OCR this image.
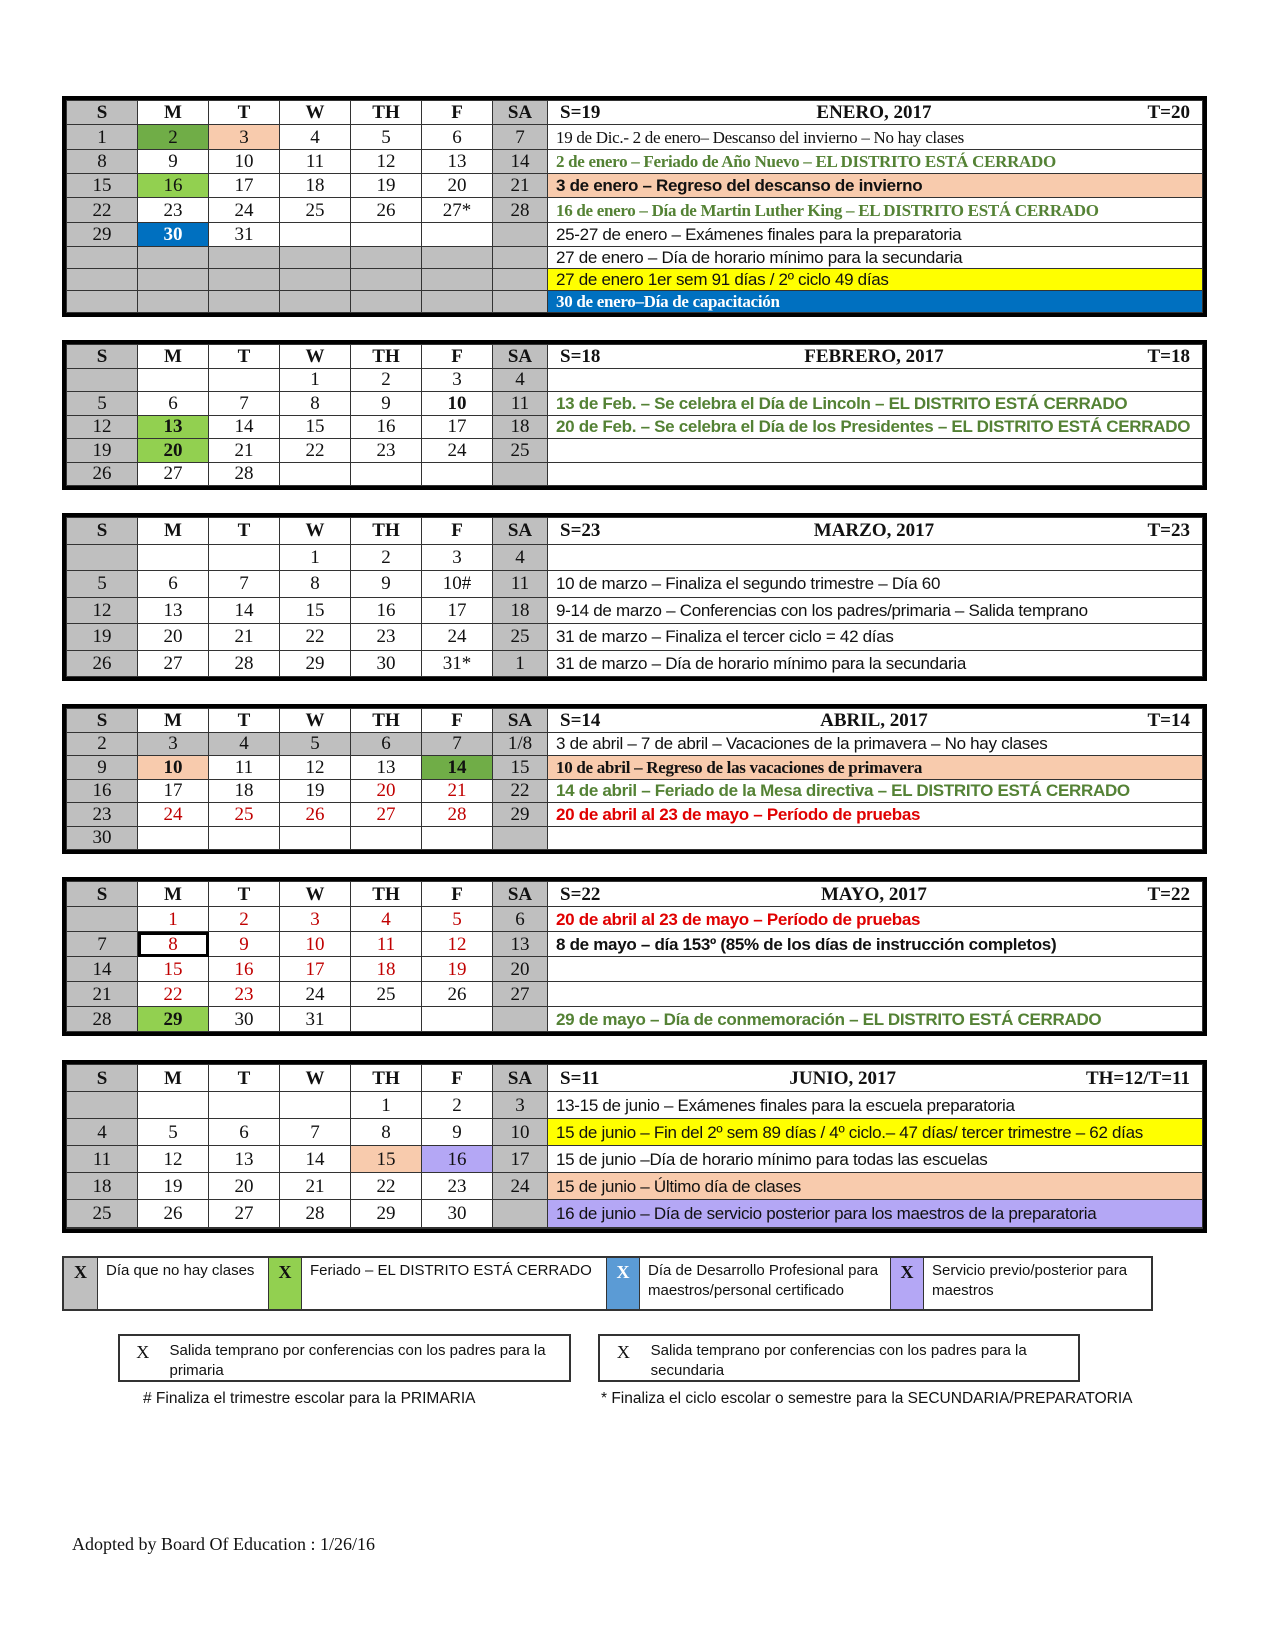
S	M	T	W	TH	F	SA	S=19 ENERO, 2017 T=20

1	2	3	4	5	6	7	19 de Dic.- 2 de enero– Descanso del invierno – No hay clases
8	9	10	11	12	13	14	2 de enero – Feriado de Año Nuevo – EL DISTRITO ESTÁ CERRADO
15	16	17	18	19	20	21	3 de enero – Regreso del descanso de invierno
22	23	24	25	26	27*	28	16 de enero – Día de Martin Luther King – EL DISTRITO ESTÁ CERRADO
29	30	31					25-27 de enero – Exámenes finales para la preparatoria
							27 de enero – Día de horario mínimo para la secundaria
							27 de enero 1er sem 91 días / 2º ciclo 49 días
							30 de enero–Día de capacitación
S	M	T	W	TH	F	SA	S=18 FEBRERO, 2017 T=18

			1	2	3	4	
5	6	7	8	9	10	11	13 de Feb. – Se celebra el Día de Lincoln – EL DISTRITO ESTÁ CERRADO
12	13	14	15	16	17	18	20 de Feb. – Se celebra el Día de los Presidentes – EL DISTRITO ESTÁ CERRADO
19	20	21	22	23	24	25	
26	27	28					
S	M	T	W	TH	F	SA	S=23 MARZO, 2017 T=23

			1	2	3	4	
5	6	7	8	9	10#	11	10 de marzo – Finaliza el segundo trimestre – Día 60
12	13	14	15	16	17	18	9-14 de marzo – Conferencias con los padres/primaria – Salida temprano
19	20	21	22	23	24	25	31 de marzo – Finaliza el tercer ciclo = 42 días
26	27	28	29	30	31*	1	31 de marzo – Día de horario mínimo para la secundaria
S	M	T	W	TH	F	SA	S=14 ABRIL, 2017 T=14

2	3	4	5	6	7	1/8	3 de abril – 7 de abril – Vacaciones de la primavera – No hay clases
9	10	11	12	13	14	15	10 de abril – Regreso de las vacaciones de primavera
16	17	18	19	20	21	22	14 de abril – Feriado de la Mesa directiva – EL DISTRITO ESTÁ CERRADO
23	24	25	26	27	28	29	20 de abril al 23 de mayo – Período de pruebas
30							
S	M	T	W	TH	F	SA	S=22 MAYO, 2017 T=22

	1	2	3	4	5	6	20 de abril al 23 de mayo – Período de pruebas
7	8	9	10	11	12	13	8 de mayo – día 153º (85% de los días de instrucción completos)
14	15	16	17	18	19	20	
21	22	23	24	25	26	27	
28	29	30	31				29 de mayo – Día de conmemoración – EL DISTRITO ESTÁ CERRADO
S	M	T	W	TH	F	SA	S=11 JUNIO, 2017 TH=12/T=11

				1	2	3	13-15 de junio – Exámenes finales para la escuela preparatoria
4	5	6	7	8	9	10	15 de junio – Fin del 2º sem 89 días / 4º ciclo.– 47 días/ tercer trimestre – 62 días
11	12	13	14	15	16	17	15 de junio –Día de horario mínimo para todas las escuelas
18	19	20	21	22	23	24	15 de junio – Último día de clases
25	26	27	28	29	30		16 de junio – Día de servicio posterior para los maestros de la preparatoria

X	Día que no hay clases	X	Feriado – EL DISTRITO ESTÁ CERRADO	X	Día de Desarrollo Profesional para maestros/personal certificado
X	Servicio previo/posterior para maestros
X	Salida temprano por conferencias con los padres para la primaria
X	Salida temprano por conferencias con los padres para la secundaria
# Finaliza el trimestre escolar para la PRIMARIA	* Finaliza el ciclo escolar o semestre para la SECUNDARIA/PREPARATORIA
Adopted by Board Of Education : 1/26/16
